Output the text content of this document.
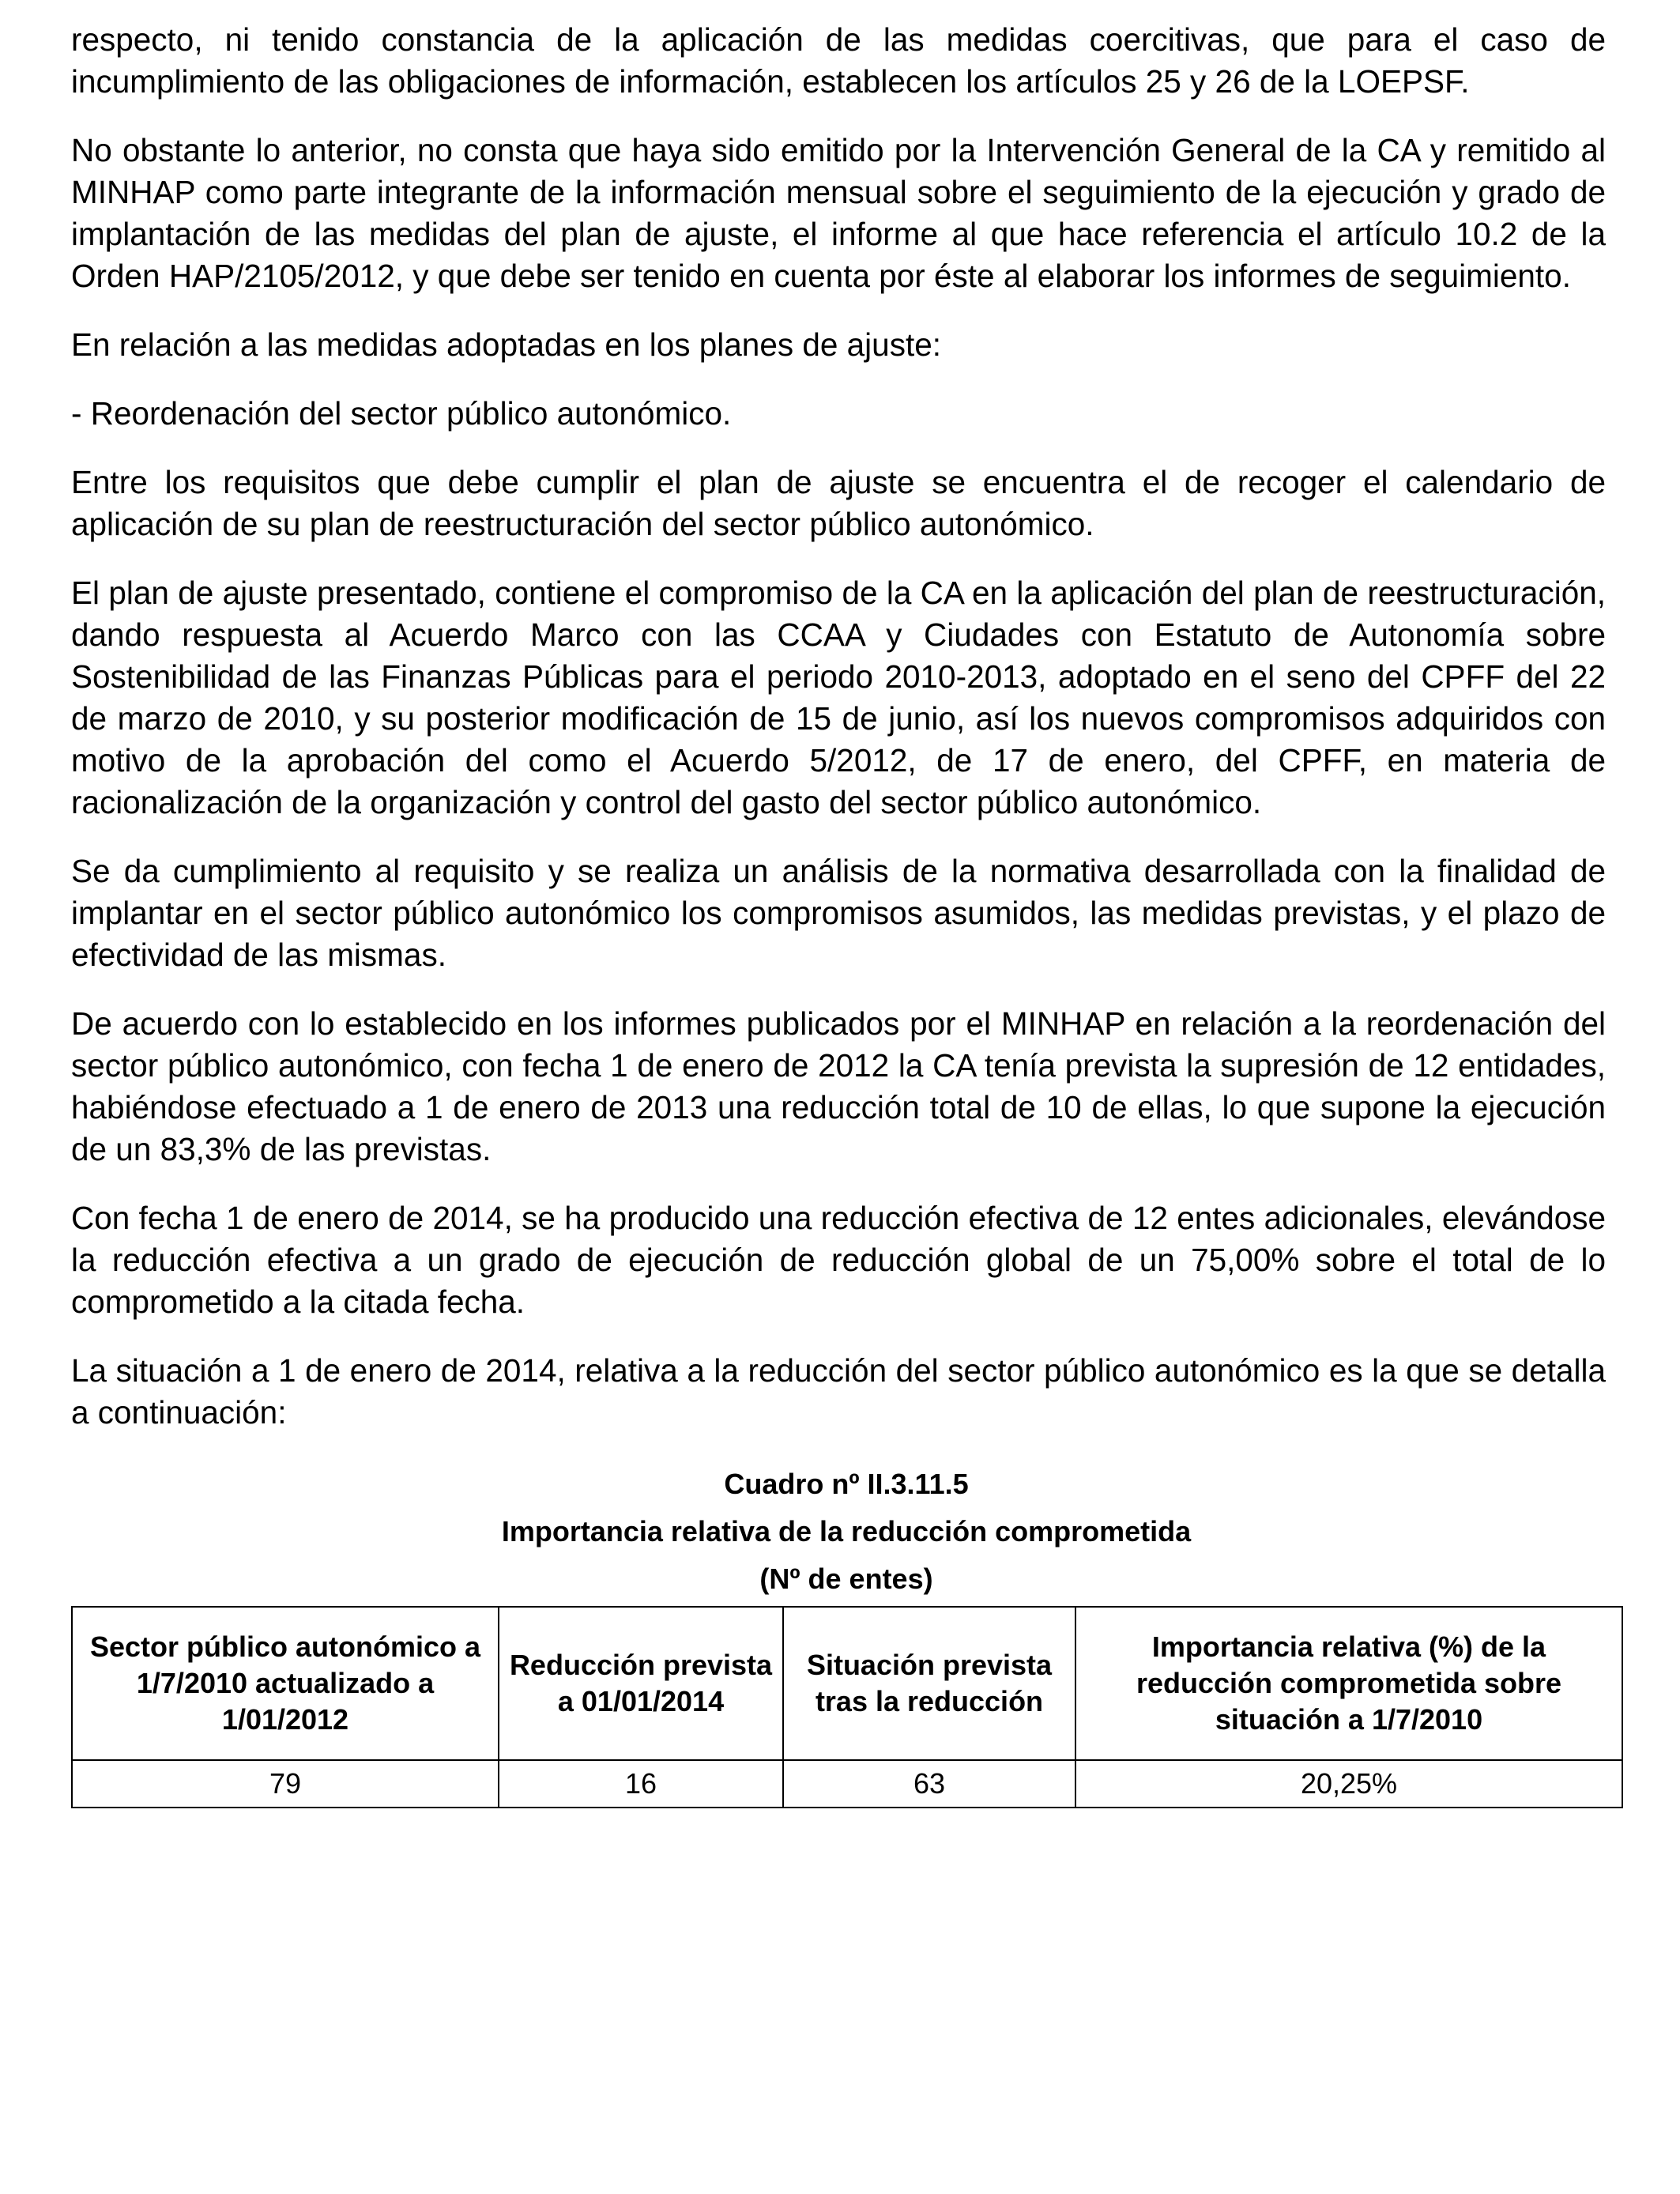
respecto, ni tenido constancia de la aplicación de las medidas coercitivas, que para el caso de incumplimiento de las obligaciones de información, establecen los artículos 25 y 26 de la LOEPSF.

No obstante lo anterior, no consta que haya sido emitido por la Intervención General de la CA y remitido al MINHAP como parte integrante de la información mensual sobre el seguimiento de la ejecución y grado de implantación de las medidas del plan de ajuste, el informe al que hace referencia el artículo 10.2 de la Orden HAP/2105/2012, y que debe ser tenido en cuenta por éste al elaborar los informes de seguimiento.

En relación a las medidas adoptadas en los planes de ajuste:

- Reordenación del sector público autonómico.

Entre los requisitos que debe cumplir el plan de ajuste se encuentra el de recoger el calendario de aplicación de su plan de reestructuración del sector público autonómico.

El plan de ajuste presentado, contiene el compromiso de la CA en la aplicación del plan de reestructuración, dando respuesta al Acuerdo Marco con las CCAA y Ciudades con Estatuto de Autonomía sobre Sostenibilidad de las Finanzas Públicas para el periodo 2010-2013, adoptado en el seno del CPFF del 22 de marzo de 2010, y su posterior modificación de 15 de junio, así los nuevos compromisos adquiridos con motivo de la aprobación del como el Acuerdo 5/2012, de 17 de enero, del CPFF, en materia de racionalización de la organización y control del gasto del sector público autonómico.

Se da cumplimiento al requisito y se realiza un análisis de la normativa desarrollada con la finalidad de implantar en el sector público autonómico los compromisos asumidos, las medidas previstas, y el plazo de efectividad de las mismas.

De acuerdo con lo establecido en los informes publicados por el MINHAP en relación a la reordenación del sector público autonómico, con fecha 1 de enero de 2012 la CA tenía prevista la supresión de 12 entidades, habiéndose efectuado a 1 de enero de 2013 una reducción total de 10 de ellas, lo que supone la ejecución de un 83,3% de las previstas.

Con fecha 1 de enero de 2014, se ha producido una reducción efectiva de 12 entes adicionales, elevándose la reducción efectiva a un grado de ejecución de reducción global de un 75,00% sobre el total de lo comprometido a la citada fecha.

La situación a 1 de enero de 2014, relativa a la reducción del sector público autonómico es la que se detalla a continuación:

Cuadro nº II.3.11.5

Importancia relativa de la reducción comprometida

(Nº de entes)

Sector público autonómico a 1/7/2010 actualizado a 1/01/2012	Reducción prevista a 01/01/2014	Situación prevista tras la reducción	Importancia relativa (%) de la reducción comprometida sobre situación a 1/7/2010
79	16	63	20,25%
